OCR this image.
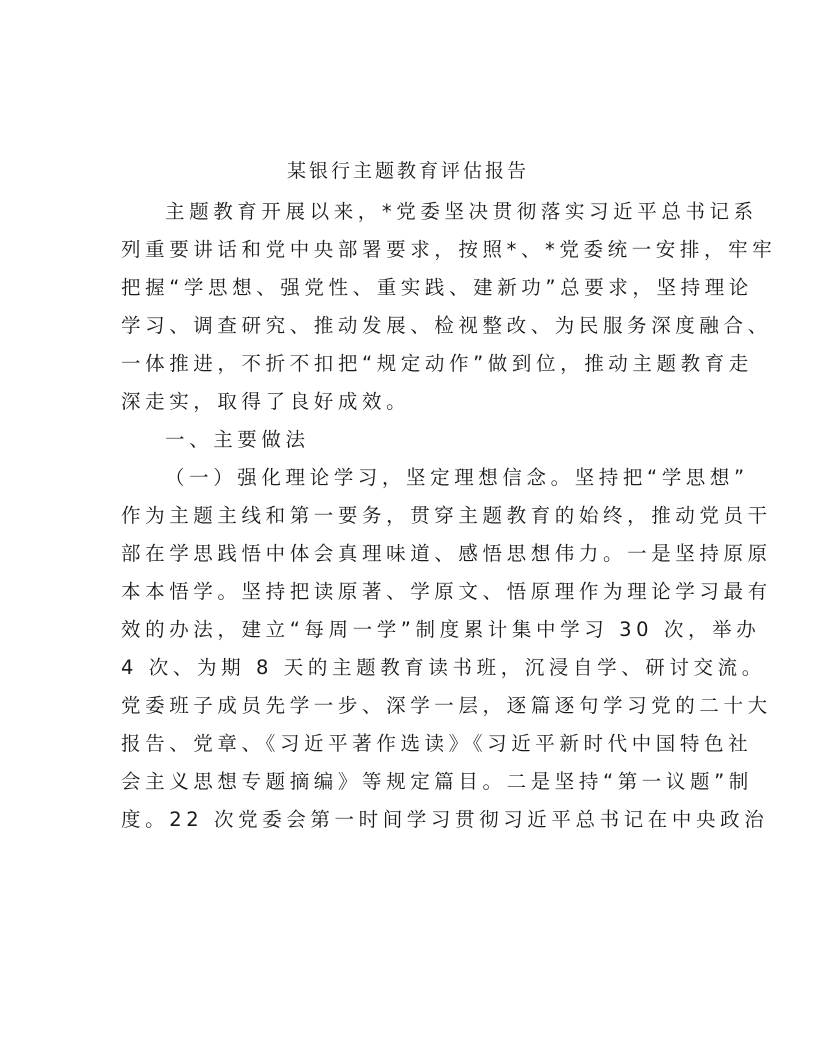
某银行主题教育评估报告
主题教育开展以来，*党委坚决贯彻落实习近平总书记系
列重要讲话和党中央部署要求，按照*、*党委统一安排，牢牢
把握“学思想、强党性、重实践、建新功”总要求，坚持理论
学习、调查研究、推动发展、检视整改、为民服务深度融合、
一体推进，不折不扣把“规定动作”做到位，推动主题教育走
深走实，取得了良好成效。
一、主要做法
（一）强化理论学习，坚定理想信念。坚持把“学思想”
作为主题主线和第一要务，贯穿主题教育的始终，推动党员干
部在学思践悟中体会真理味道、感悟思想伟力。一是坚持原原
本本悟学。坚持把读原著、学原文、悟原理作为理论学习最有
效的办法，建立“每周一学”制度累计集中学习 30 次，举办
4 次、为期 8 天的主题教育读书班，沉浸自学、研讨交流。
党委班子成员先学一步、深学一层，逐篇逐句学习党的二十大
报告、党章、《习近平著作选读》《习近平新时代中国特色社
会主义思想专题摘编》等规定篇目。二是坚持“第一议题”制
度。22 次党委会第一时间学习贯彻习近平总书记在中央政治
